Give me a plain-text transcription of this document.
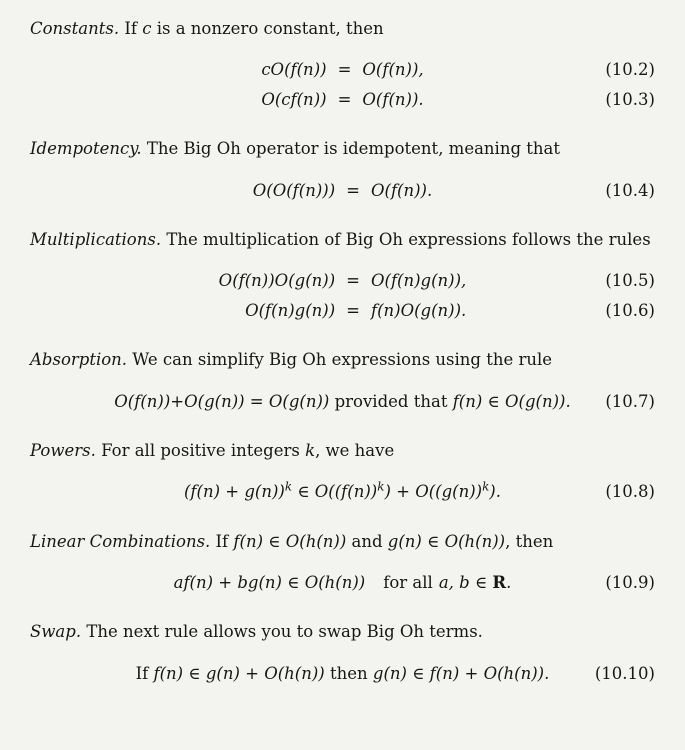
Constants. If c is a nonzero constant, then

cO(f(n)) = O(f(n)),	(10.2)
O(cf(n)) = O(f(n)).	(10.3)

Idempotency. The Big Oh operator is idempotent, meaning that

O(O(f(n))) = O(f(n)).	(10.4)

Multiplications. The multiplication of Big Oh expressions follows the rules

O(f(n))O(g(n)) = O(f(n)g(n)),	(10.5)
O(f(n)g(n)) = f(n)O(g(n)).	(10.6)

Absorption. We can simplify Big Oh expressions using the rule

O(f(n))+O(g(n)) = O(g(n)) provided that f(n) ∈ O(g(n)). (10.7)

Powers. For all positive integers k, we have

$(f(n) + g(n))^k$ ∈ $O((f(n))^k) + O((g(n))^k)$.	(10.8)

Linear Combinations. If f(n) ∈ O(h(n)) and g(n) ∈ O(h(n)), then

af(n) + bg(n) ∈ O(h(n)) for all a, b ∈ R.	(10.9)

Swap. The next rule allows you to swap Big Oh terms.

If f(n) ∈ g(n) + O(h(n)) then g(n) ∈ f(n) + O(h(n)).	(10.10)
